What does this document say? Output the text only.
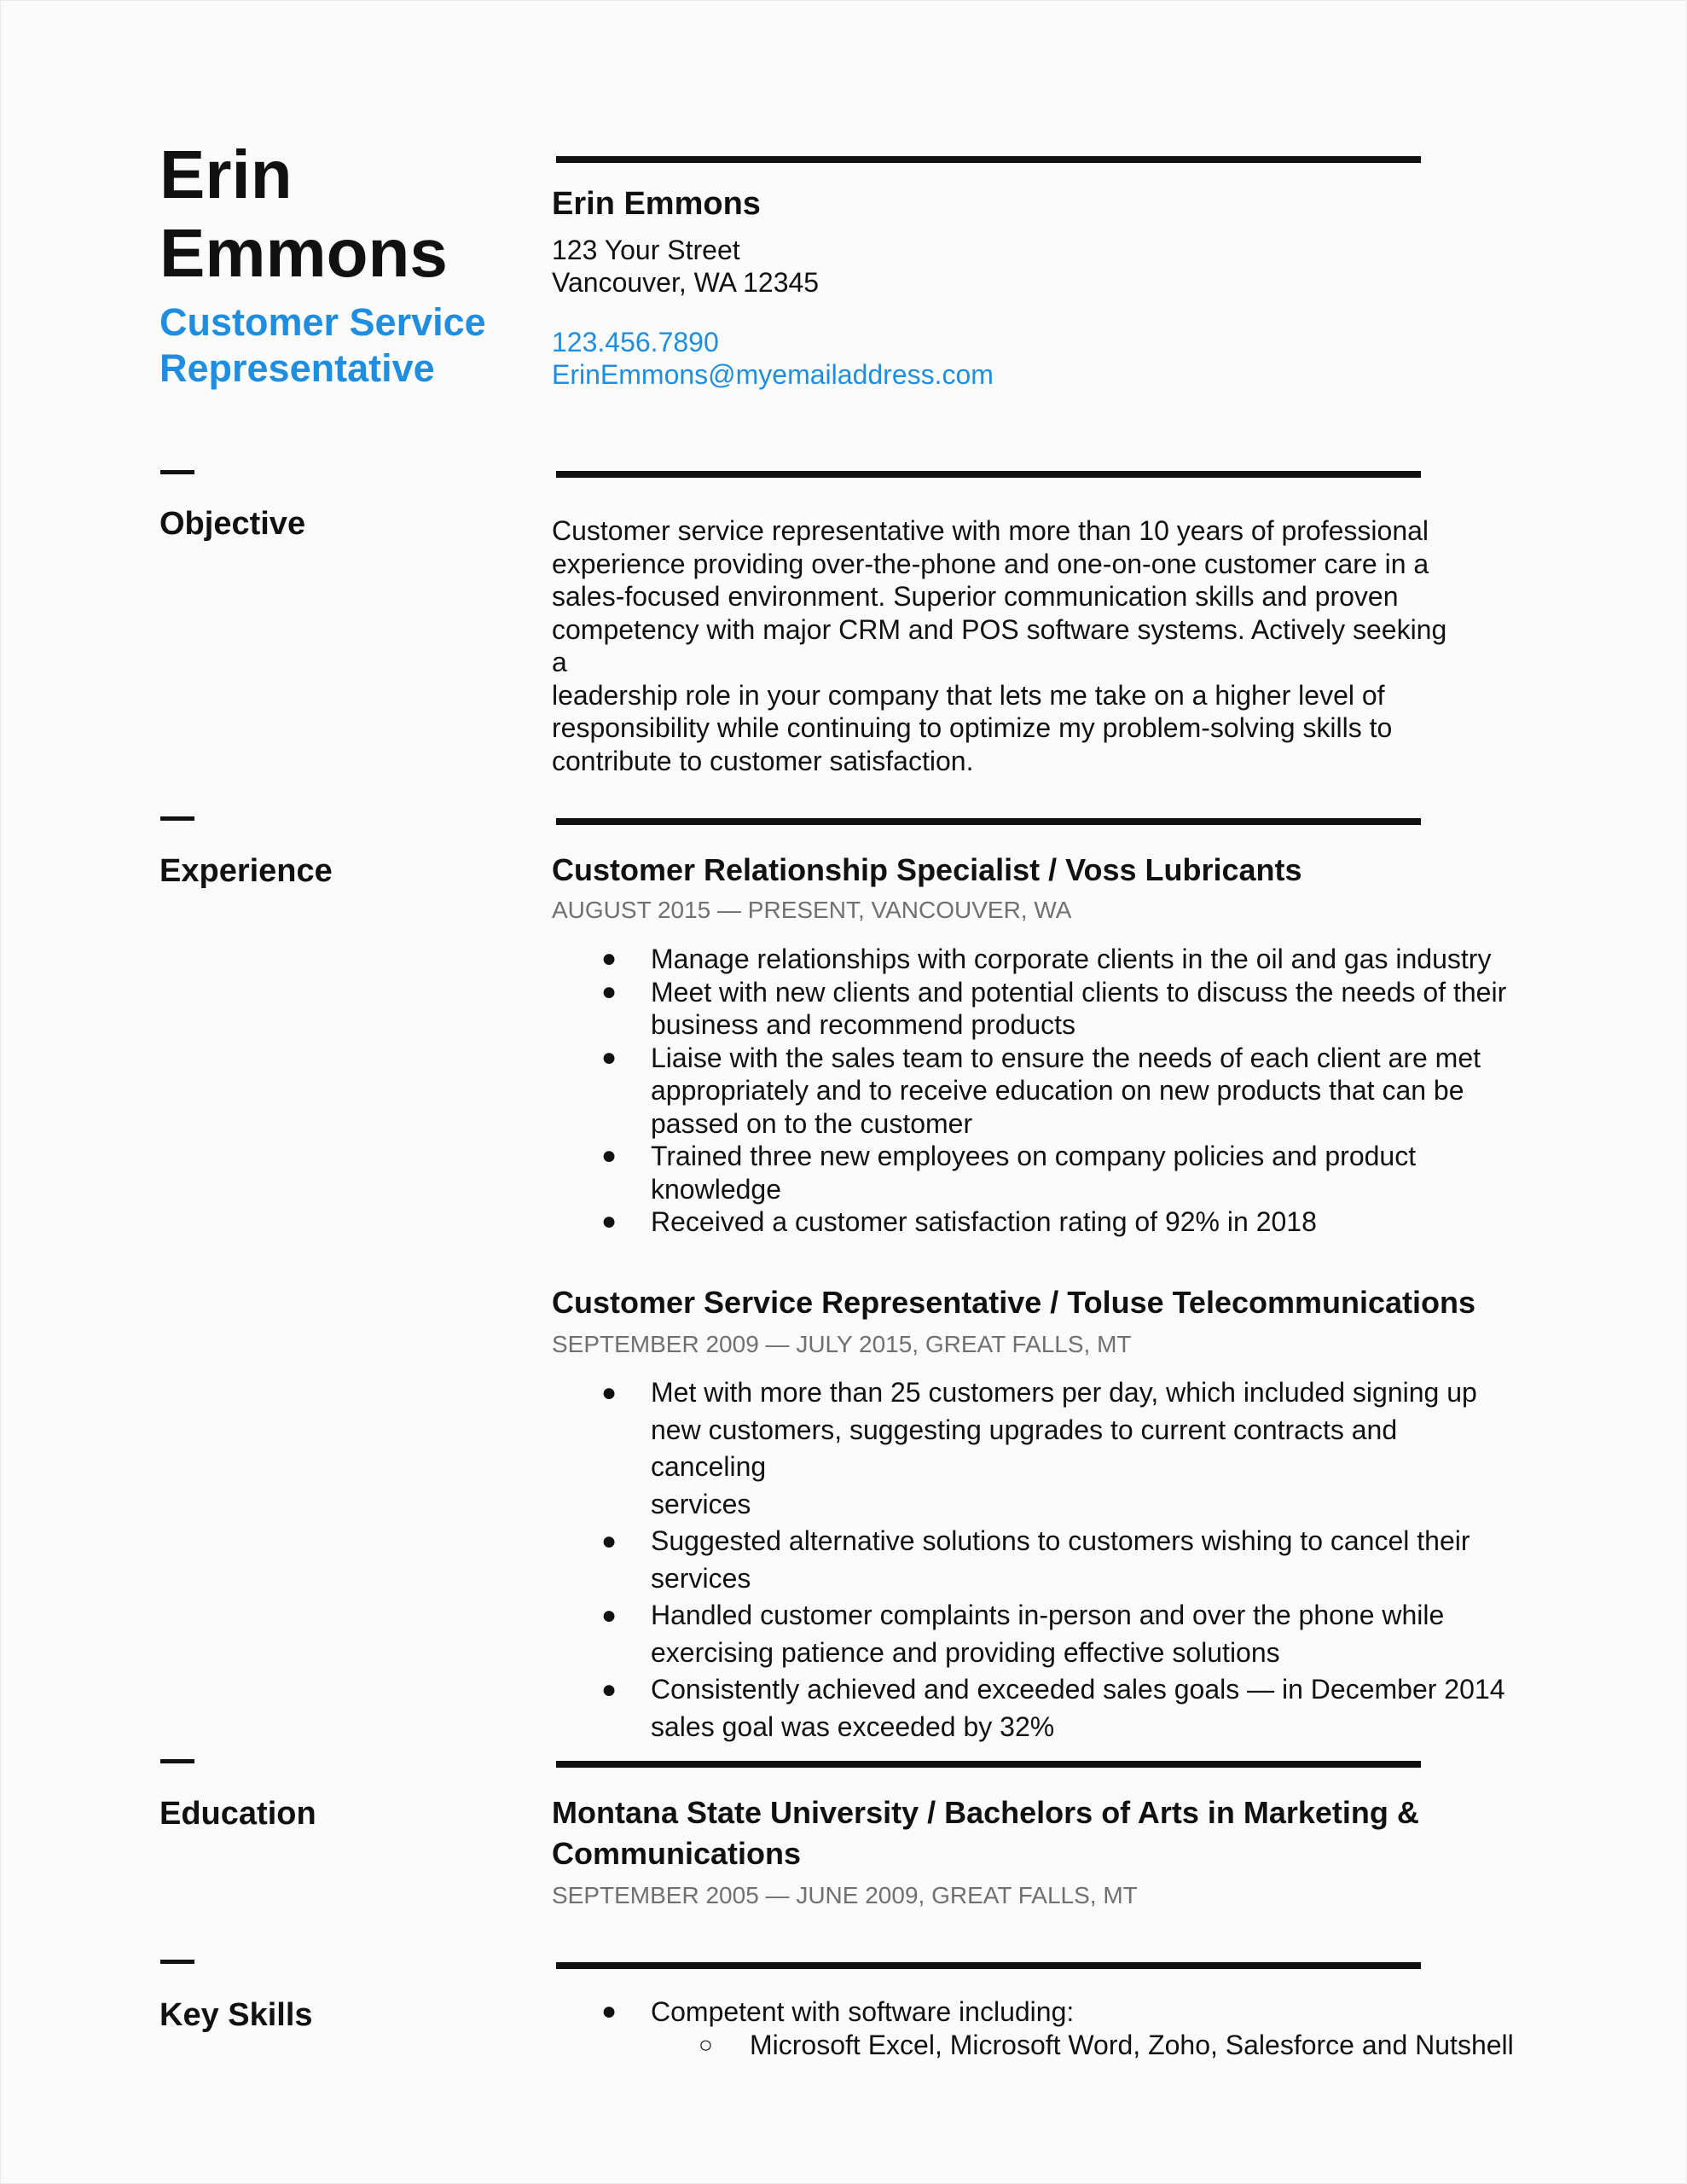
Erin
Emmons
Customer Service
Representative
Erin Emmons
123 Your Street
Vancouver, WA 12345
123.456.7890
ErinEmmons@myemailaddress.com
Objective	Customer service representative with more than 10 years of professional
experience providing over-the-phone and one-on-one customer care in a
sales-focused environment. Superior communication skills and proven
competency with major CRM and POS software systems. Actively seeking a
leadership role in your company that lets me take on a higher level of
responsibility while continuing to optimize my problem-solving skills to
contribute to customer satisfaction.

Experience	Customer Relationship Specialist / Voss Lubricants
AUGUST 2015 — PRESENT, VANCOUVER, WA
● Manage relationships with corporate clients in the oil and gas industry
● Meet with new clients and potential clients to discuss the needs of their
business and recommend products
● Liaise with the sales team to ensure the needs of each client are met
appropriately and to receive education on new products that can be
passed on to the customer
● Trained three new employees on company policies and product
knowledge
● Received a customer satisfaction rating of 92% in 2018
Customer Service Representative / Toluse Telecommunications
SEPTEMBER 2009 — JULY 2015, GREAT FALLS, MT
● Met with more than 25 customers per day, which included signing up
new customers, suggesting upgrades to current contracts and canceling
services
● Suggested alternative solutions to customers wishing to cancel their
services
● Handled customer complaints in-person and over the phone while
exercising patience and providing effective solutions
● Consistently achieved and exceeded sales goals — in December 2014
sales goal was exceeded by 32%
Education	Montana State University / Bachelors of Arts in Marketing &
Communications
SEPTEMBER 2005 — JUNE 2009, GREAT FALLS, MT
Key Skills	● Competent with software including:
○ Microsoft Excel, Microsoft Word, Zoho, Salesforce and Nutshell
